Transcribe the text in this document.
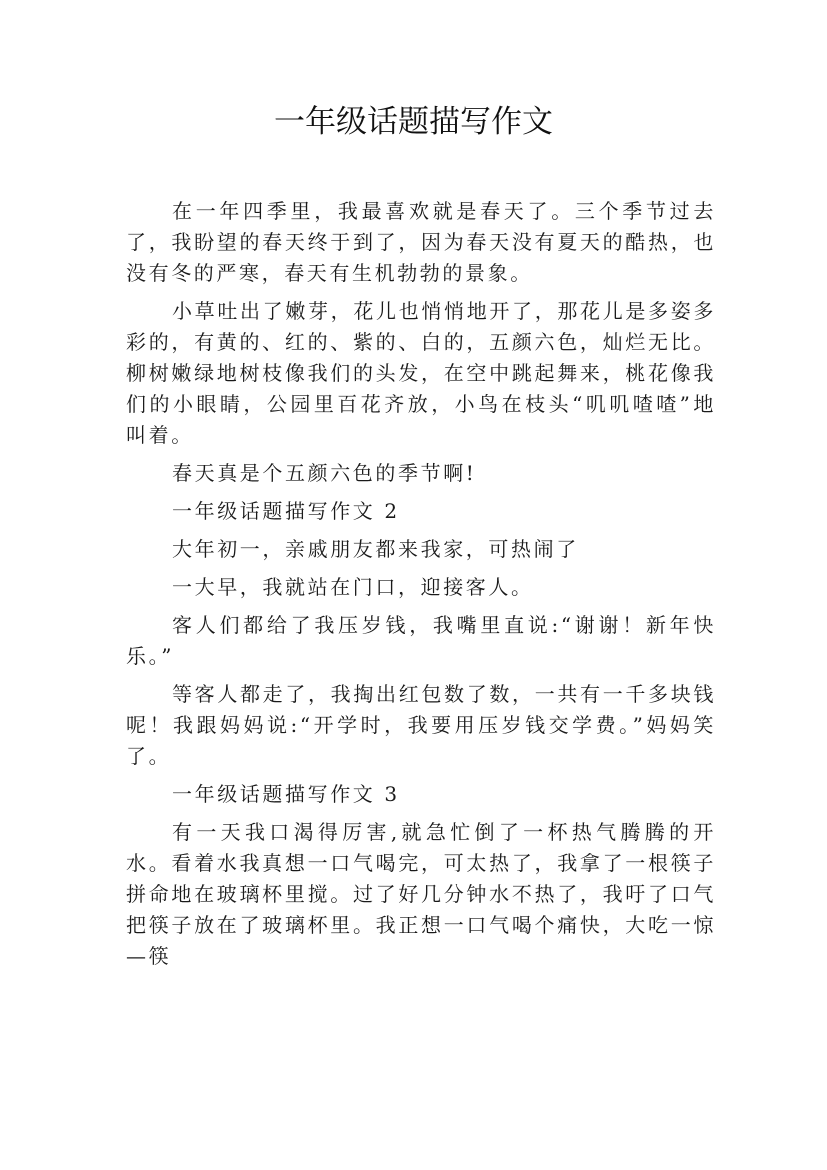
一年级话题描写作文

在一年四季里，我最喜欢就是春天了。三个季节过去了，我盼望的春天终于到了，因为春天没有夏天的酷热，也没有冬的严寒，春天有生机勃勃的景象。

小草吐出了嫩芽，花儿也悄悄地开了，那花儿是多姿多彩的，有黄的、红的、紫的、白的，五颜六色，灿烂无比。柳树嫩绿地树枝像我们的头发，在空中跳起舞来，桃花像我们的小眼睛，公园里百花齐放，小鸟在枝头“叽叽喳喳”地叫着。

春天真是个五颜六色的季节啊!

一年级话题描写作文 2

大年初一，亲戚朋友都来我家，可热闹了

一大早，我就站在门口，迎接客人。

客人们都给了我压岁钱，我嘴里直说:“谢谢！新年快乐。”

等客人都走了，我掏出红包数了数，一共有一千多块钱呢！我跟妈妈说:“开学时，我要用压岁钱交学费。”妈妈笑了。

一年级话题描写作文 3

有一天我口渴得厉害,就急忙倒了一杯热气腾腾的开水。看着水我真想一口气喝完，可太热了，我拿了一根筷子拼命地在玻璃杯里搅。过了好几分钟水不热了，我吁了口气把筷子放在了玻璃杯里。我正想一口气喝个痛快，大吃一惊—筷
